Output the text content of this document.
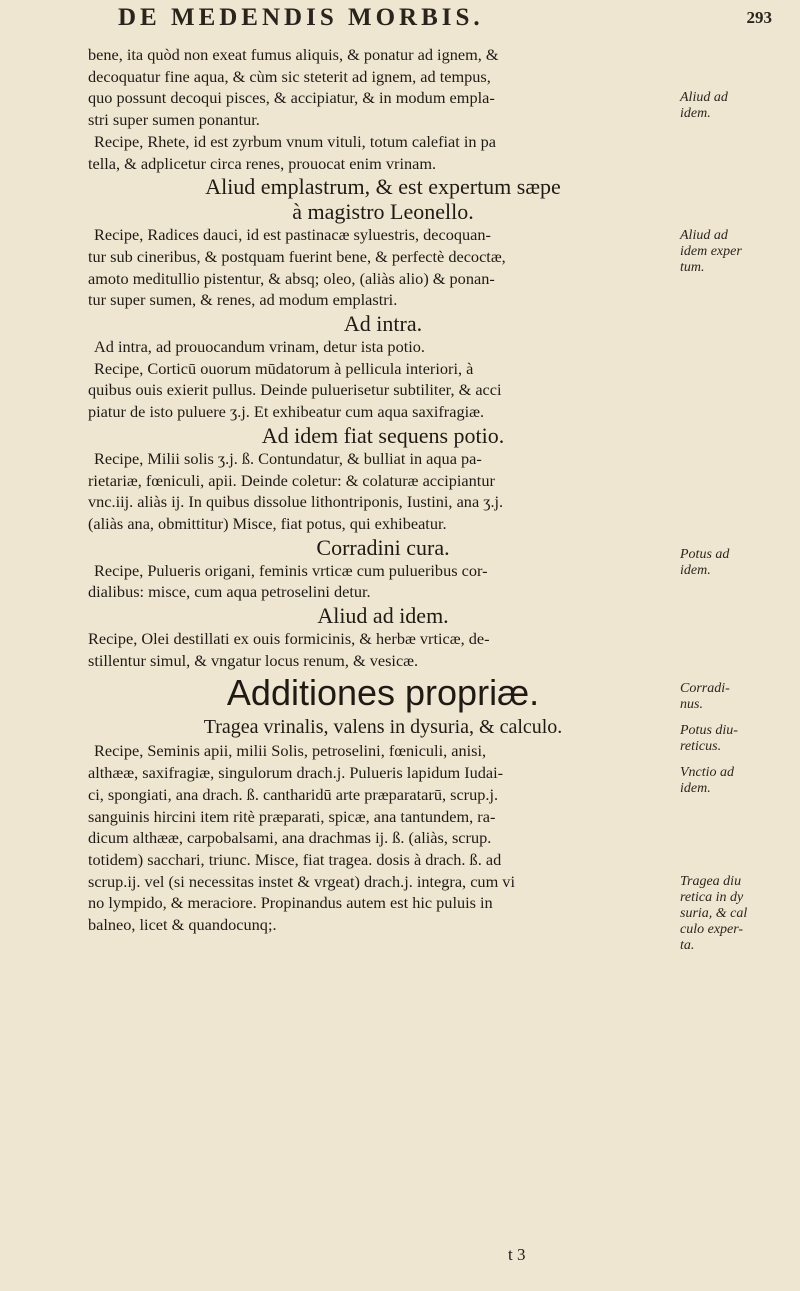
DE MEDENDIS MORBIS.	293
bene, ita quòd non exeat fumus aliquis, & ponatur ad ignem, &
decoquatur fine aqua, & cùm sic steterit ad ignem, ad tempus,
quo possunt decoqui pisces, & accipiatur, & in modum empla-
stri super sumen ponantur.
Recipe, Rhete, id est zyrbum vnum vituli, totum calefiat in pa
tella, & adplicetur circa renes, prouocat enim vrinam.
Aliud emplastrum, & est expertum sæpe
à magistro Leonello.
Recipe, Radices dauci, id est pastinacæ syluestris, decoquan-
tur sub cineribus, & postquam fuerint bene, & perfectè decoctæ,
amoto meditullio pistentur, & absq; oleo, (aliàs alio) & ponan-
tur super sumen, & renes, ad modum emplastri.
Ad intra.
Ad intra, ad prouocandum vrinam, detur ista potio.
Recipe, Corticū ouorum mūdatorum à pellicula interiori, à
quibus ouis exierit pullus. Deinde puluerisetur subtiliter, & acci
piatur de isto puluere ʒ.j. Et exhibeatur cum aqua saxifragiæ.
Ad idem fiat sequens potio.
Recipe, Milii solis ʒ.j. ß. Contundatur, & bulliat in aqua pa-
rietariæ, fœniculi, apii. Deinde coletur: & colaturæ accipiantur
vnc.iij. aliàs ij. In quibus dissolue lithontriponis, Iustini, ana ʒ.j.
(aliàs ana, obmittitur) Misce, fiat potus, qui exhibeatur.
Corradini cura.
Recipe, Pulueris origani, feminis vrticæ cum pulueribus cor-
dialibus: misce, cum aqua petroselini detur.
Aliud ad idem.
Recipe, Olei destillati ex ouis formicinis, & herbæ vrticæ, de-
stillentur simul, & vngatur locus renum, & vesicæ.
Additiones propriæ.
Tragea vrinalis, valens in dysuria, & calculo.
Recipe, Seminis apii, milii Solis, petroselini, fœniculi, anisi,
althææ, saxifragiæ, singulorum drach.j. Pulueris lapidum Iudai-
ci, spongiati, ana drach. ß. cantharidū arte præparatarū, scrup.j.
sanguinis hircini item ritè præparati, spicæ, ana tantundem, ra-
dicum althææ, carpobalsami, ana drachmas ij. ß. (aliàs, scrup.
totidem) sacchari, triunc. Misce, fiat tragea. dosis à drach. ß. ad
scrup.ij. vel (si necessitas instet & vrgeat) drach.j. integra, cum vi
no lympido, & meraciore. Propinandus autem est hic puluis in
balneo, licet & quandocunq;.
Aliud ad
idem.
Aliud ad
idem exper
tum.
Potus ad
idem.
Corradi-
nus.
Potus diu-
reticus.
Vnctio ad
idem.
Tragea diu
retica in dy
suria, & cal
culo exper-
ta.
t 3
